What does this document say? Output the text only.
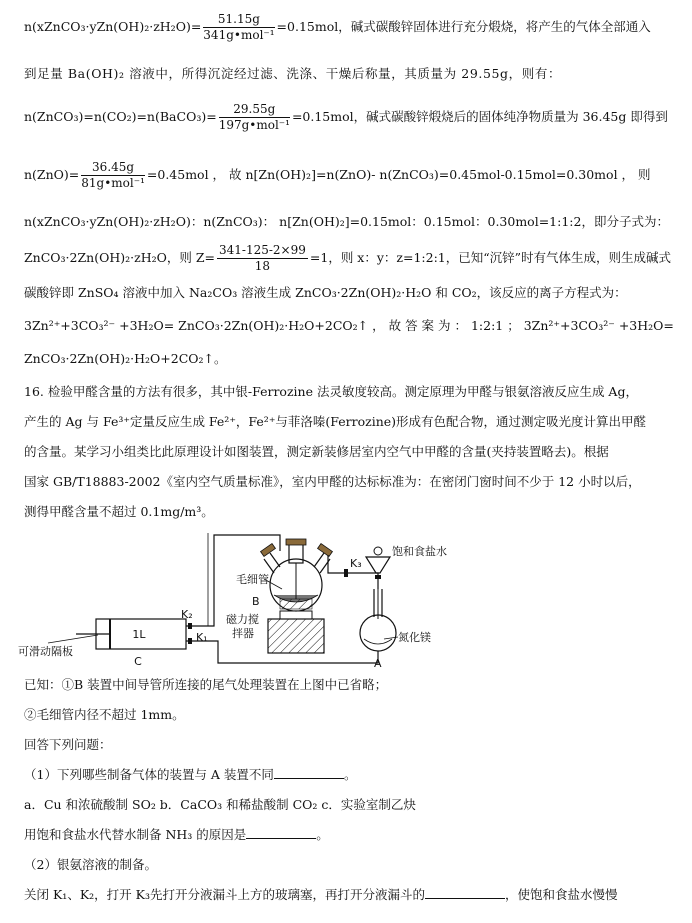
n(xZnCO₃·yZn(OH)₂·zH₂O)= $\frac{51.15g}{\text{341g•mol⁻¹}} =0.15mol$，碱式碳酸锌固体进行充分煅烧，将产生的气体全部通入
到足量 Ba(OH)₂ 溶液中，所得沉淀经过滤、洗涤、干燥后称量，其质量为 29.55g，则有：
n(ZnCO₃)=n(CO₂)=n(BaCO₃)= $\frac{29.55g}{\text{197g•mol⁻¹}} =0.15mol$，碱式碳酸锌煅烧后的固体纯净物质量为 36.45g 即得到
$n(ZnO)= \frac{36.45g}{\text{81g•mol⁻¹}} =0.45mol$ ， 故 n[Zn(OH)₂]=n(ZnO)- n(ZnCO₃)=0.45mol-0.15mol=0.30mol ， 则
n(xZnCO₃·yZn(OH)₂·zH₂O)：n(ZnCO₃)： n[Zn(OH)₂]=0.15mol：0.15mol：0.30mol=1:1:2，即分子式为：
ZnCO₃·2Zn(OH)₂·zH₂O，则 $Z= \frac{341-125-2\times 99}{18} =1$，则 x：y：z=1:2:1，已知“沉锌”时有气体生成，则生成碱式
碳酸锌即 ZnSO₄ 溶液中加入 Na₂CO₃ 溶液生成 ZnCO₃·2Zn(OH)₂·H₂O 和 CO₂，该反应的离子方程式为：
3Zn²⁺+3CO₃²⁻ +3H₂O= ZnCO₃·2Zn(OH)₂·H₂O+2CO₂↑ ， 故 答 案 为 ： 1:2:1 ； 3Zn²⁺+3CO₃²⁻ +3H₂O=
ZnCO₃·2Zn(OH)₂·H₂O+2CO₂↑。
16. 检验甲醛含量的方法有很多，其中银-Ferrozine 法灵敏度较高。测定原理为甲醛与银氨溶液反应生成 Ag，
产生的 Ag 与 Fe³⁺定量反应生成 Fe²⁺，Fe²⁺与菲洛嗪(Ferrozine)形成有色配合物，通过测定吸光度计算出甲醛
的含量。某学习小组类比此原理设计如图装置，测定新装修居室内空气中甲醛的含量(夹持装置略去)。根据
国家 GB/T18883-2002《室内空气质量标准》，室内甲醛的达标标准为：在密闭门窗时间不少于 12 小时以后，
测得甲醛含量不超过 0.1mg/m³。
1L
C
可滑动隔板
K₂
K₁
毛细管
B
磁力搅
拌器
K₃
饱和食盐水
氮化镁
A
已知：①B 装置中间导管所连接的尾气处理装置在上图中已省略；
②毛细管内径不超过 1mm。
回答下列问题：
（1）下列哪些制备气体的装置与 A 装置不同	。
a．Cu 和浓硫酸制 SO₂ b．CaCO₃ 和稀盐酸制 CO₂ c．实验室制乙炔
用饱和食盐水代替水制备 NH₃ 的原因是	。
（2）银氨溶液的制备。
关闭 K₁、K₂，打开 K₃先打开分液漏斗上方的玻璃塞，再打开分液漏斗的	，使饱和食盐水慢慢
